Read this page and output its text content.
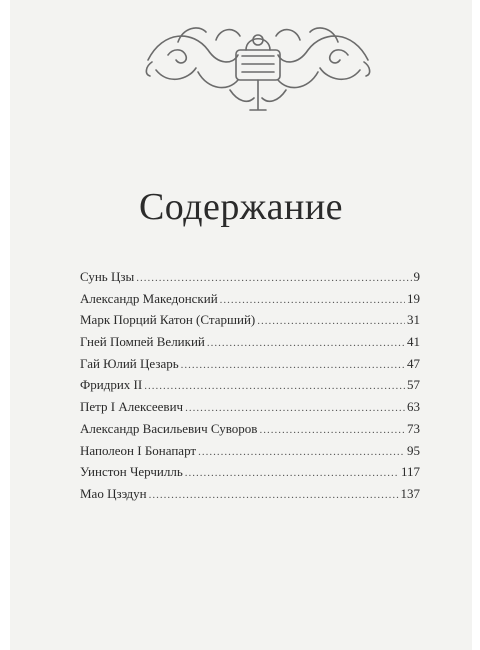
Содержание
Сунь Цзы .....	9
Александр Македонский .....	19
Марк Порций Катон (Старший) .....	31
Гней Помпей Великий .....	41
Гай Юлий Цезарь .....	47
Фридрих II .....	57
Петр I Алексеевич .....	63
Александр Васильевич Суворов .....	73
Наполеон I Бонапарт .....	95
Уинстон Черчилль .....	117
Мао Цзэдун .....	137
